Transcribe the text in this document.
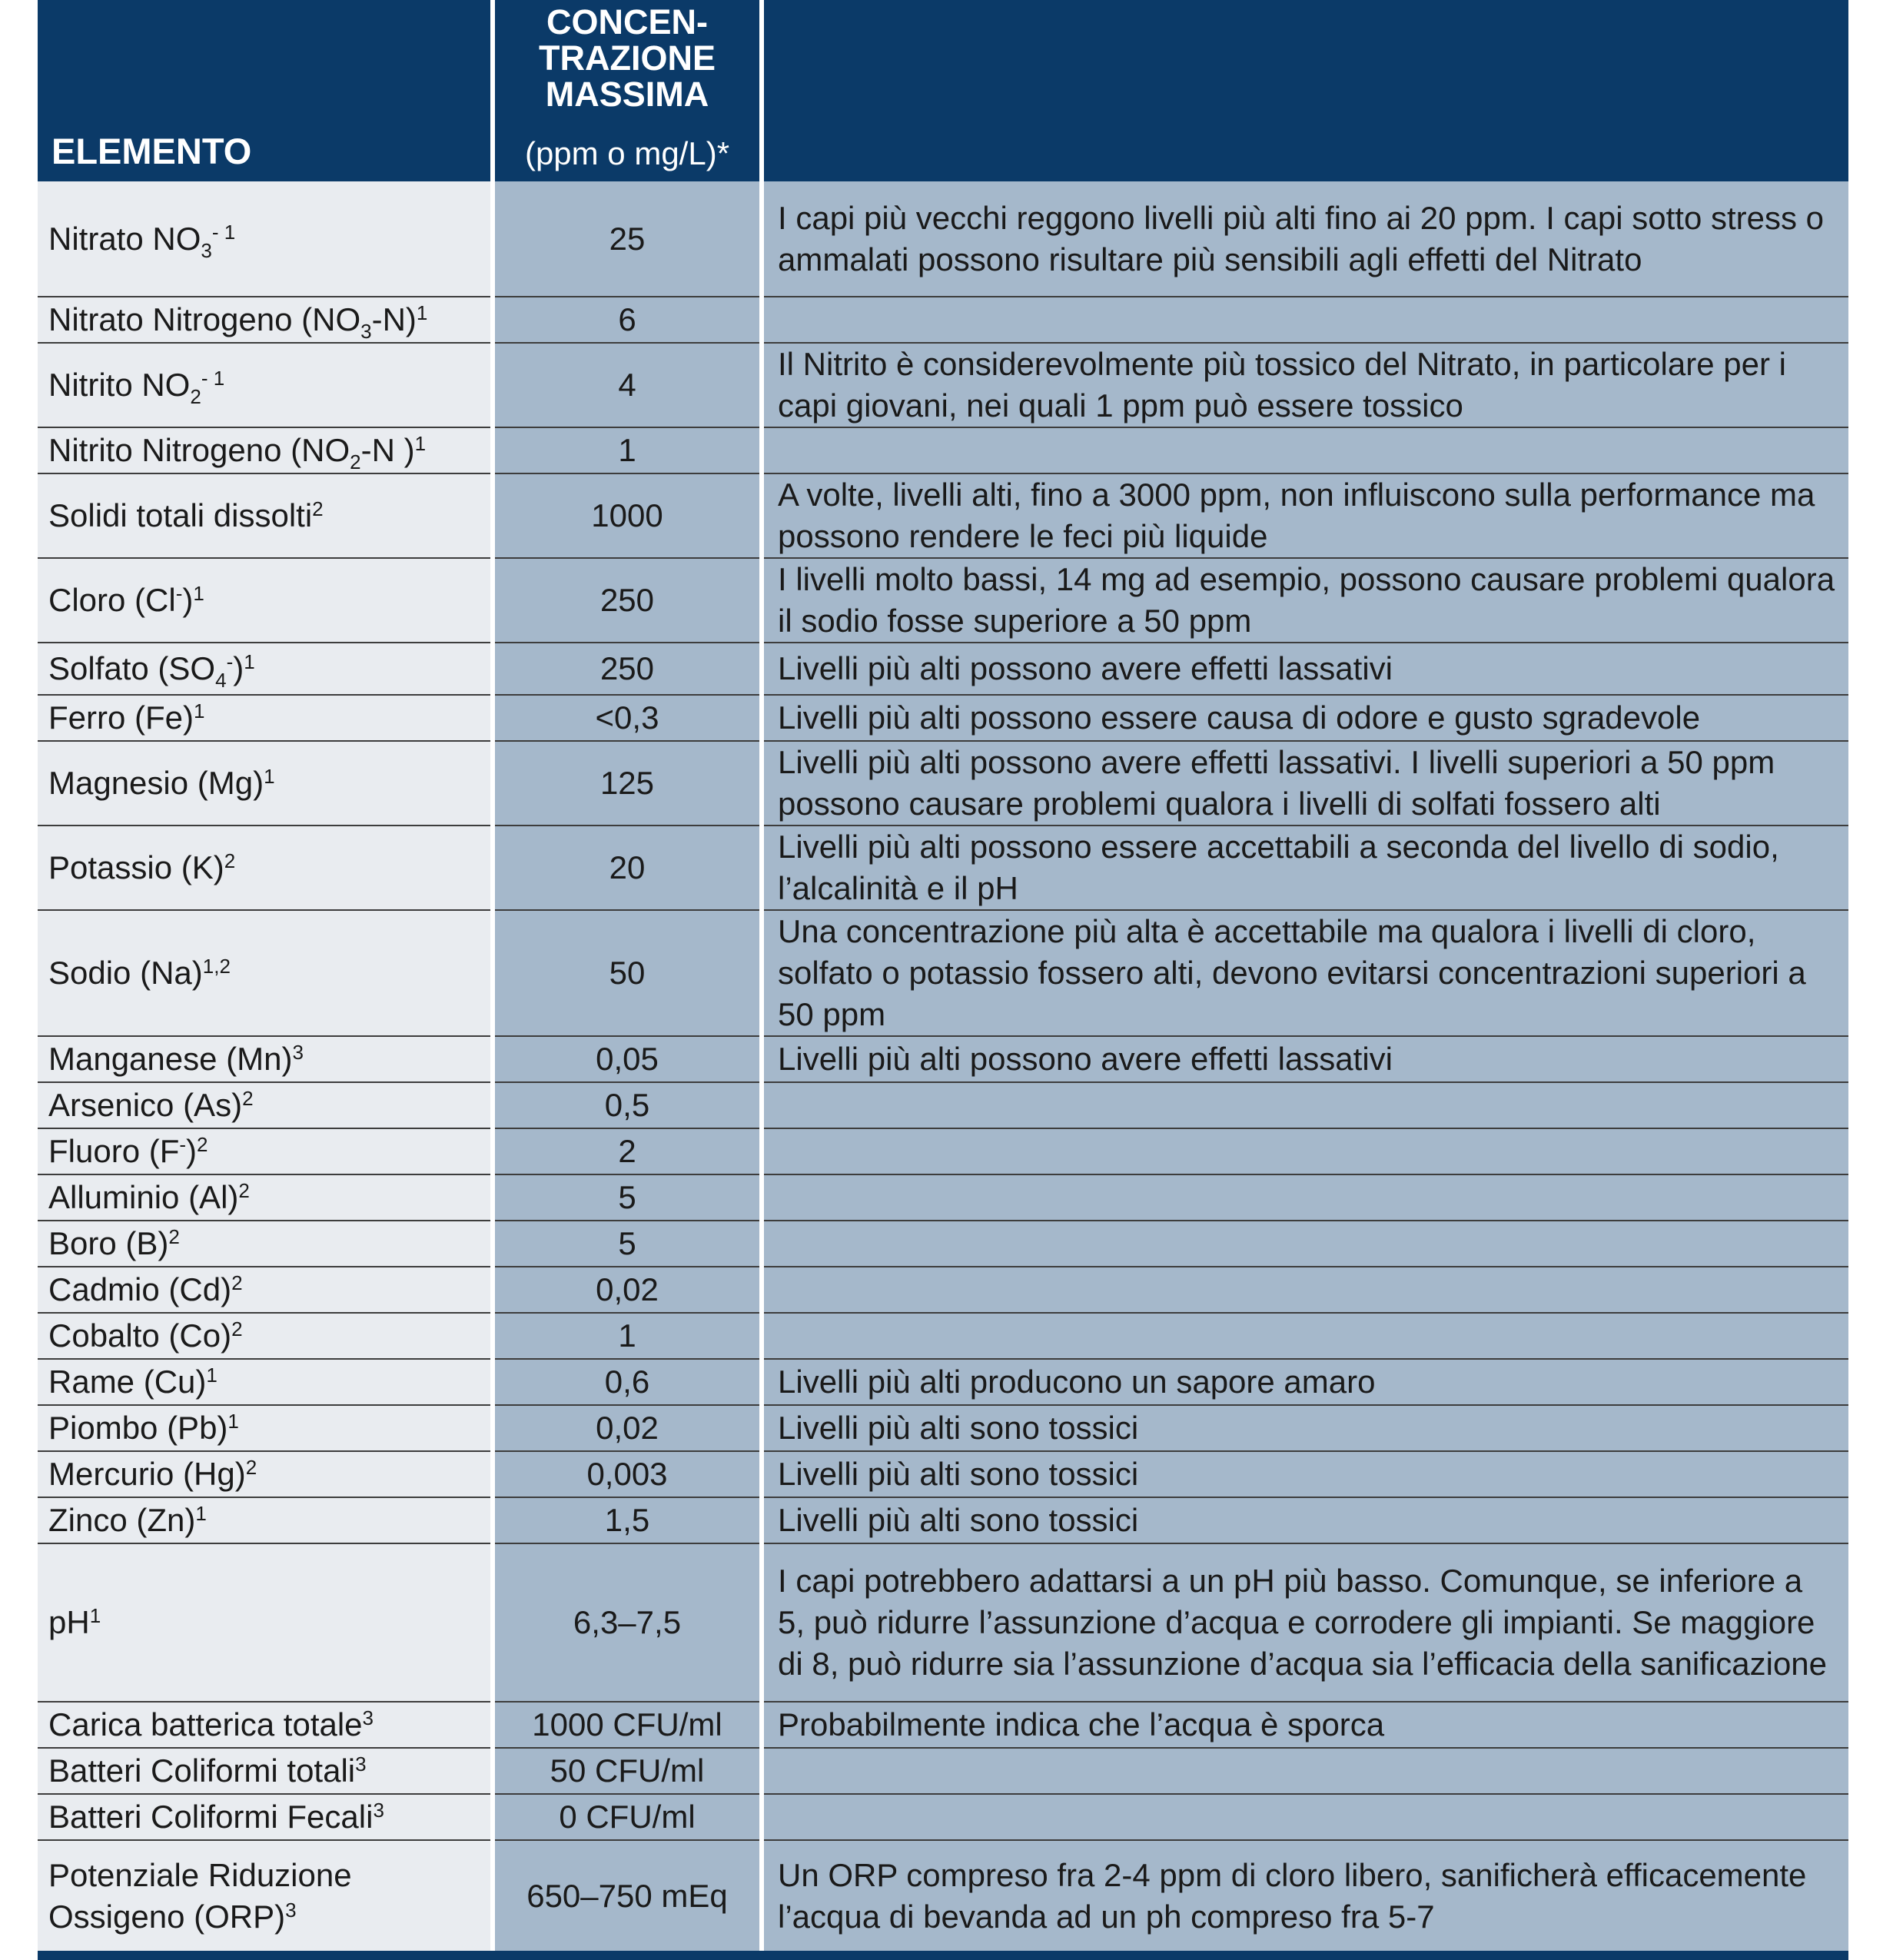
ELEMENTO	CONCEN-
TRAZIONE
MASSIMA
(ppm o mg/L)*	

Nitrato $NO_3^{- 1}$	25	I capi più vecchi reggono livelli più alti fino ai 20 ppm. I capi sotto stress o ammalati possono risultare più sensibili agli effetti del Nitrato
Nitrato Nitrogeno $(NO_3-N)^1$	6	
Nitrito $NO_2^{- 1}$	4	Il Nitrito è considerevolmente più tossico del Nitrato, in particolare per i capi giovani, nei quali 1 ppm può essere tossico
Nitrito Nitrogeno ($NO_2-N$ )$^1$	1	
Solidi totali dissolti$^2$	1000	A volte, livelli alti, fino a 3000 ppm, non influiscono sulla performance ma possono rendere le feci più liquide
Cloro $(Cl^-)^1$	250	I livelli molto bassi, 14 mg ad esempio, possono causare problemi qualora il sodio fosse superiore a 50 ppm
Solfato $(SO_4^-)^1$	250	Livelli più alti possono avere effetti lassativi
Ferro $(Fe)^1$	<0,3	Livelli più alti possono essere causa di odore e gusto sgradevole
Magnesio $(Mg)^1$	125	Livelli più alti possono avere effetti lassativi. I livelli superiori a 50 ppm possono causare problemi qualora i livelli di solfati fossero alti
Potassio $(K)^2$	20	Livelli più alti possono essere accettabili a seconda del livello di sodio, l’alcalinità e il pH
Sodio $(Na)^{1,2}$	50	Una concentrazione più alta è accettabile ma qualora i livelli di cloro, solfato o potassio fossero alti, devono evitarsi concentrazioni superiori a 50 ppm
Manganese $(Mn)^3$	0,05	Livelli più alti possono avere effetti lassativi
Arsenico $(As)^2$	0,5	
Fluoro $(F^-)^2$	2	
Alluminio $(Al)^2$	5	
Boro $(B)^2$	5	
Cadmio $(Cd)^2$	0,02	
Cobalto $(Co)^2$	1	
Rame $(Cu)^1$	0,6	Livelli più alti producono un sapore amaro
Piombo $(Pb)^1$	0,02	Livelli più alti sono tossici
Mercurio $(Hg)^2$	0,003	Livelli più alti sono tossici
Zinco $(Zn)^1$	1,5	Livelli più alti sono tossici
$pH^1$	6,3–7,5	I capi potrebbero adattarsi a un pH più basso. Comunque, se inferiore a 5, può ridurre l’assunzione d’acqua e corrodere gli impianti. Se maggiore di 8, può ridurre sia l’assunzione d’acqua sia l’efficacia della sanificazione
Carica batterica totale$^3$	1000 CFU/ml	Probabilmente indica che l’acqua è sporca
Batteri Coliformi totali$^3$	50 CFU/ml	
Batteri Coliformi Fecali$^3$	0 CFU/ml	
Potenziale Riduzione Ossigeno (ORP)$^3$	650–750 mEq	Un ORP compreso fra 2-4 ppm di cloro libero, sanificherà efficacemente l’acqua di bevanda ad un ph compreso fra 5-7
